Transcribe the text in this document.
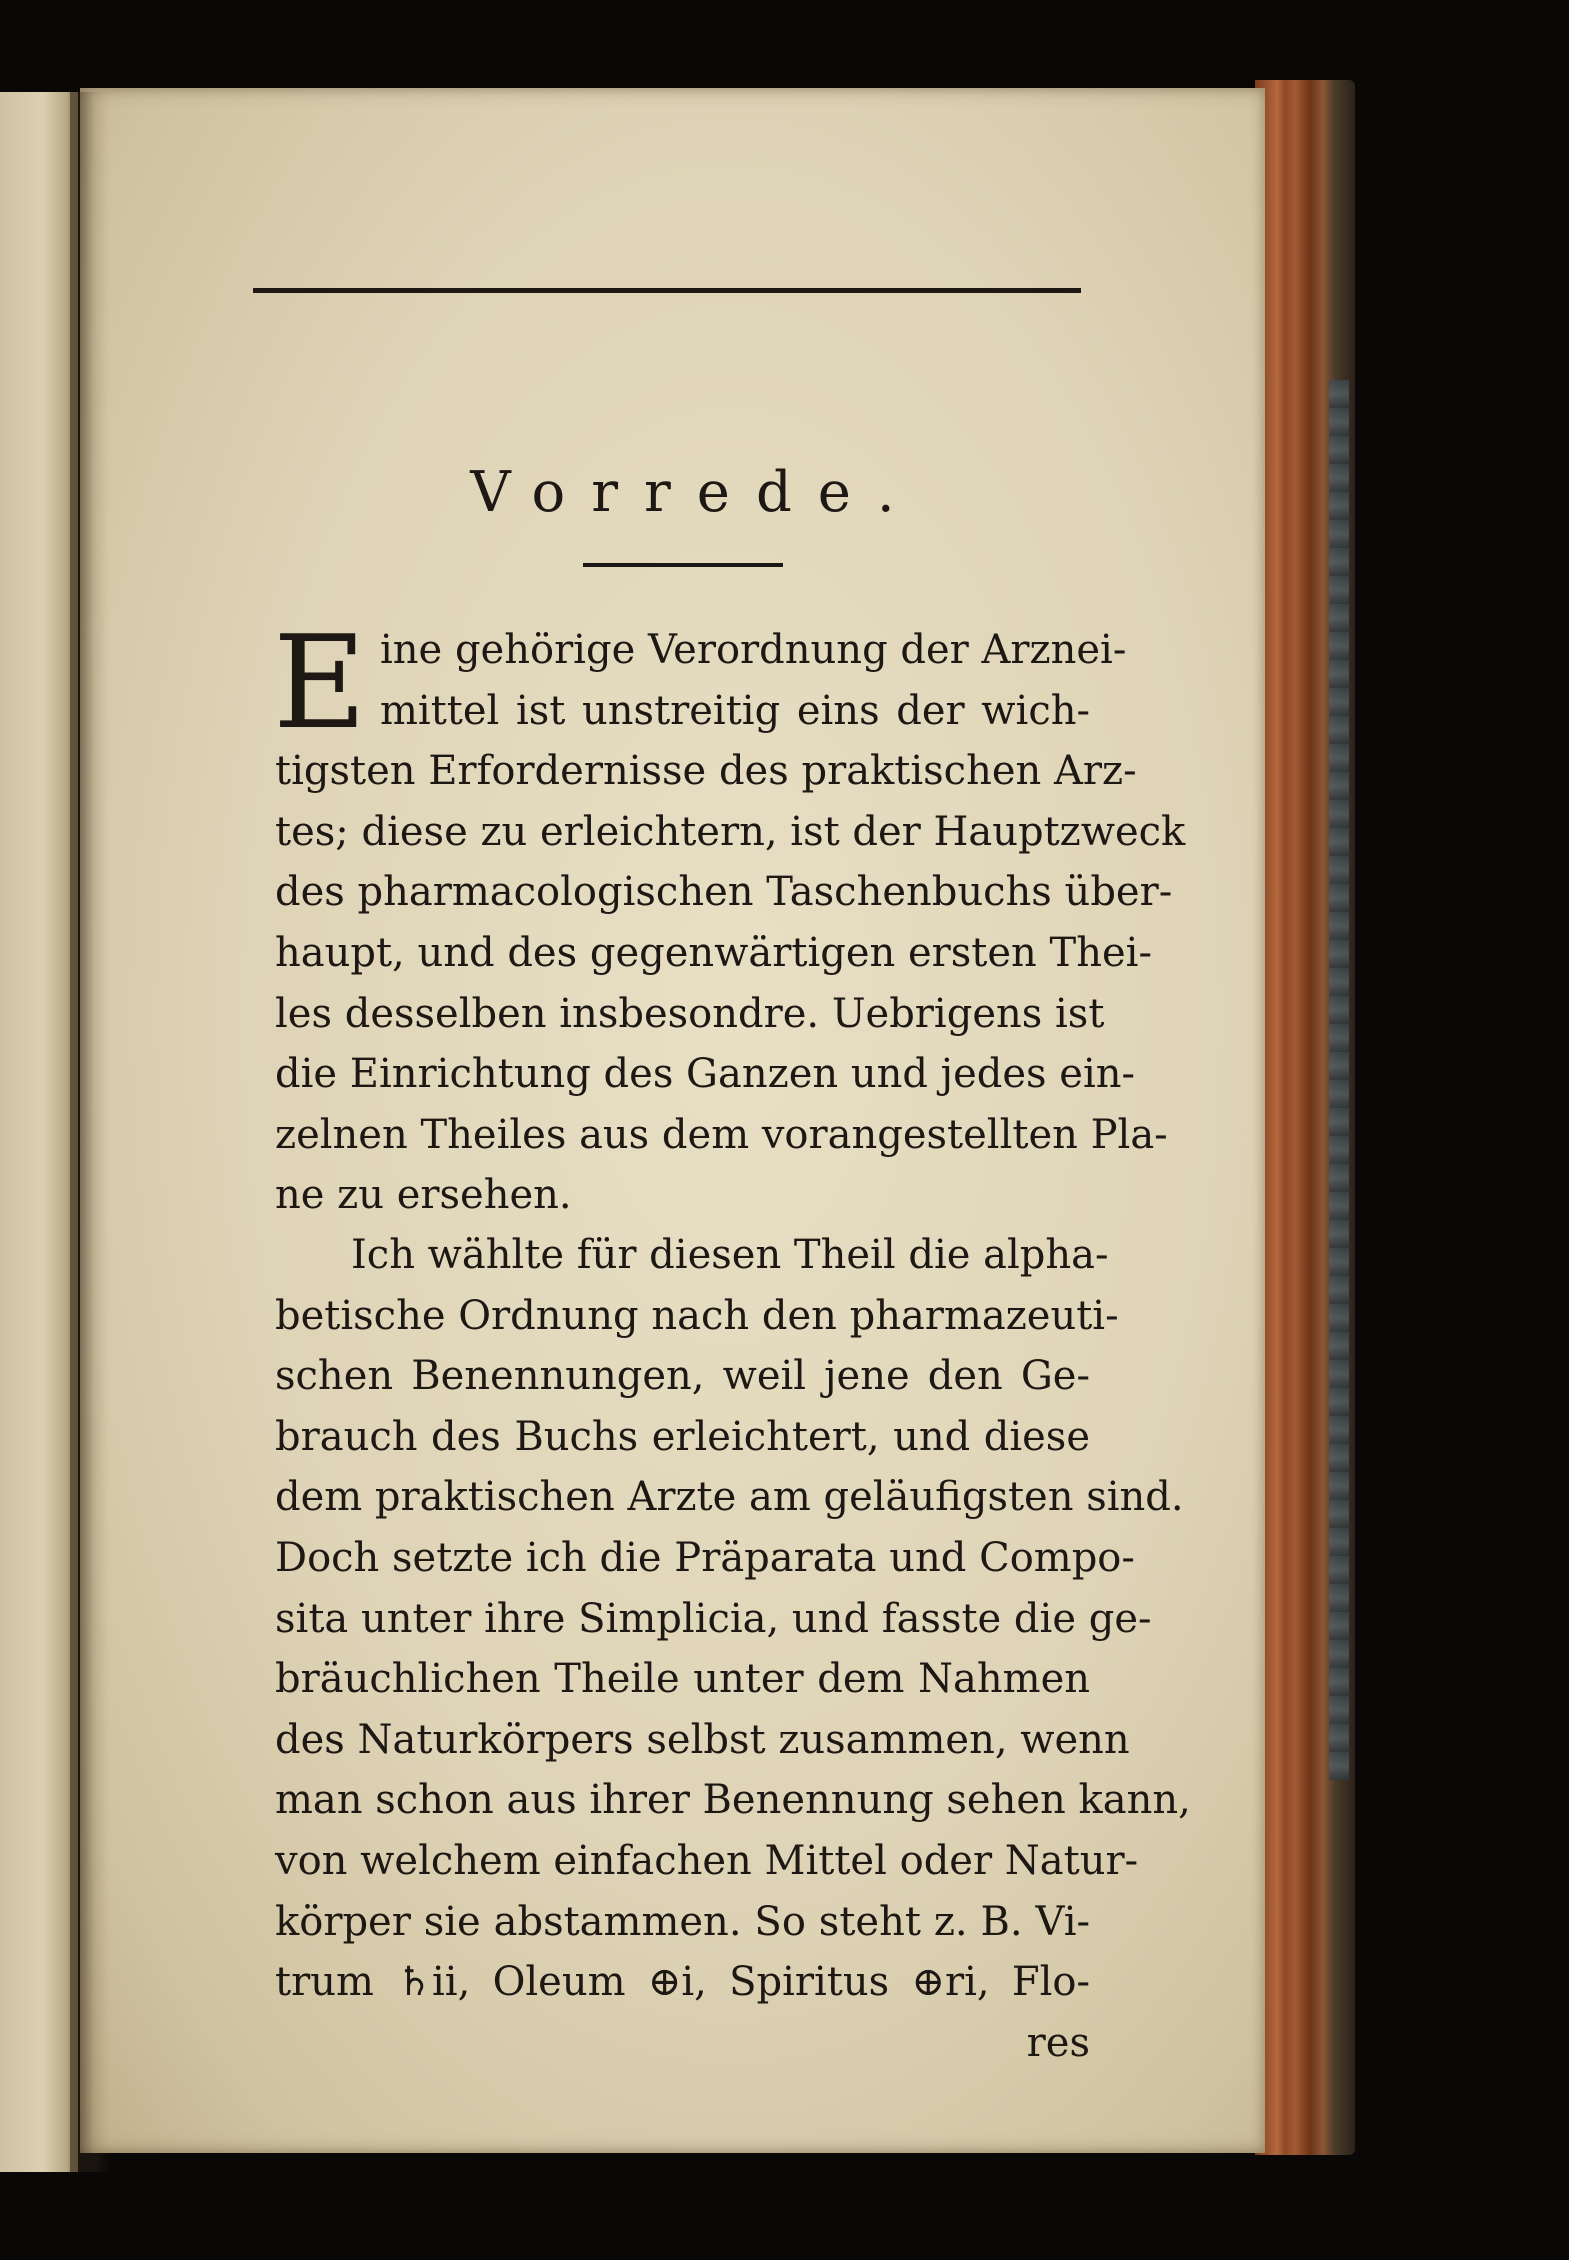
Vorrede.
E ine gehörige Verordnung der Arznei-
mittel ist unstreitig eins der wich-
tigsten Erfordernisse des praktischen Arz-
tes; diese zu erleichtern, ist der Hauptzweck
des pharmacologischen Taschenbuchs über-
haupt, und des gegenwärtigen ersten Thei-
les desselben insbesondre. Uebrigens ist
die Einrichtung des Ganzen und jedes ein-
zelnen Theiles aus dem vorangestellten Pla-
ne zu ersehen.
Ich wählte für diesen Theil die alpha-
betische Ordnung nach den pharmazeuti-
schen Benennungen, weil jene den Ge-
brauch des Buchs erleichtert, und diese
dem praktischen Arzte am geläufigsten sind.
Doch setzte ich die Präparata und Compo-
sita unter ihre Simplicia, und fasste die ge-
bräuchlichen Theile unter dem Nahmen
des Naturkörpers selbst zusammen, wenn
man schon aus ihrer Benennung sehen kann,
von welchem einfachen Mittel oder Natur-
körper sie abstammen. So steht z. B. Vi-
trum ♄ii, Oleum ⊕i, Spiritus ⊕ri, Flo-
res
